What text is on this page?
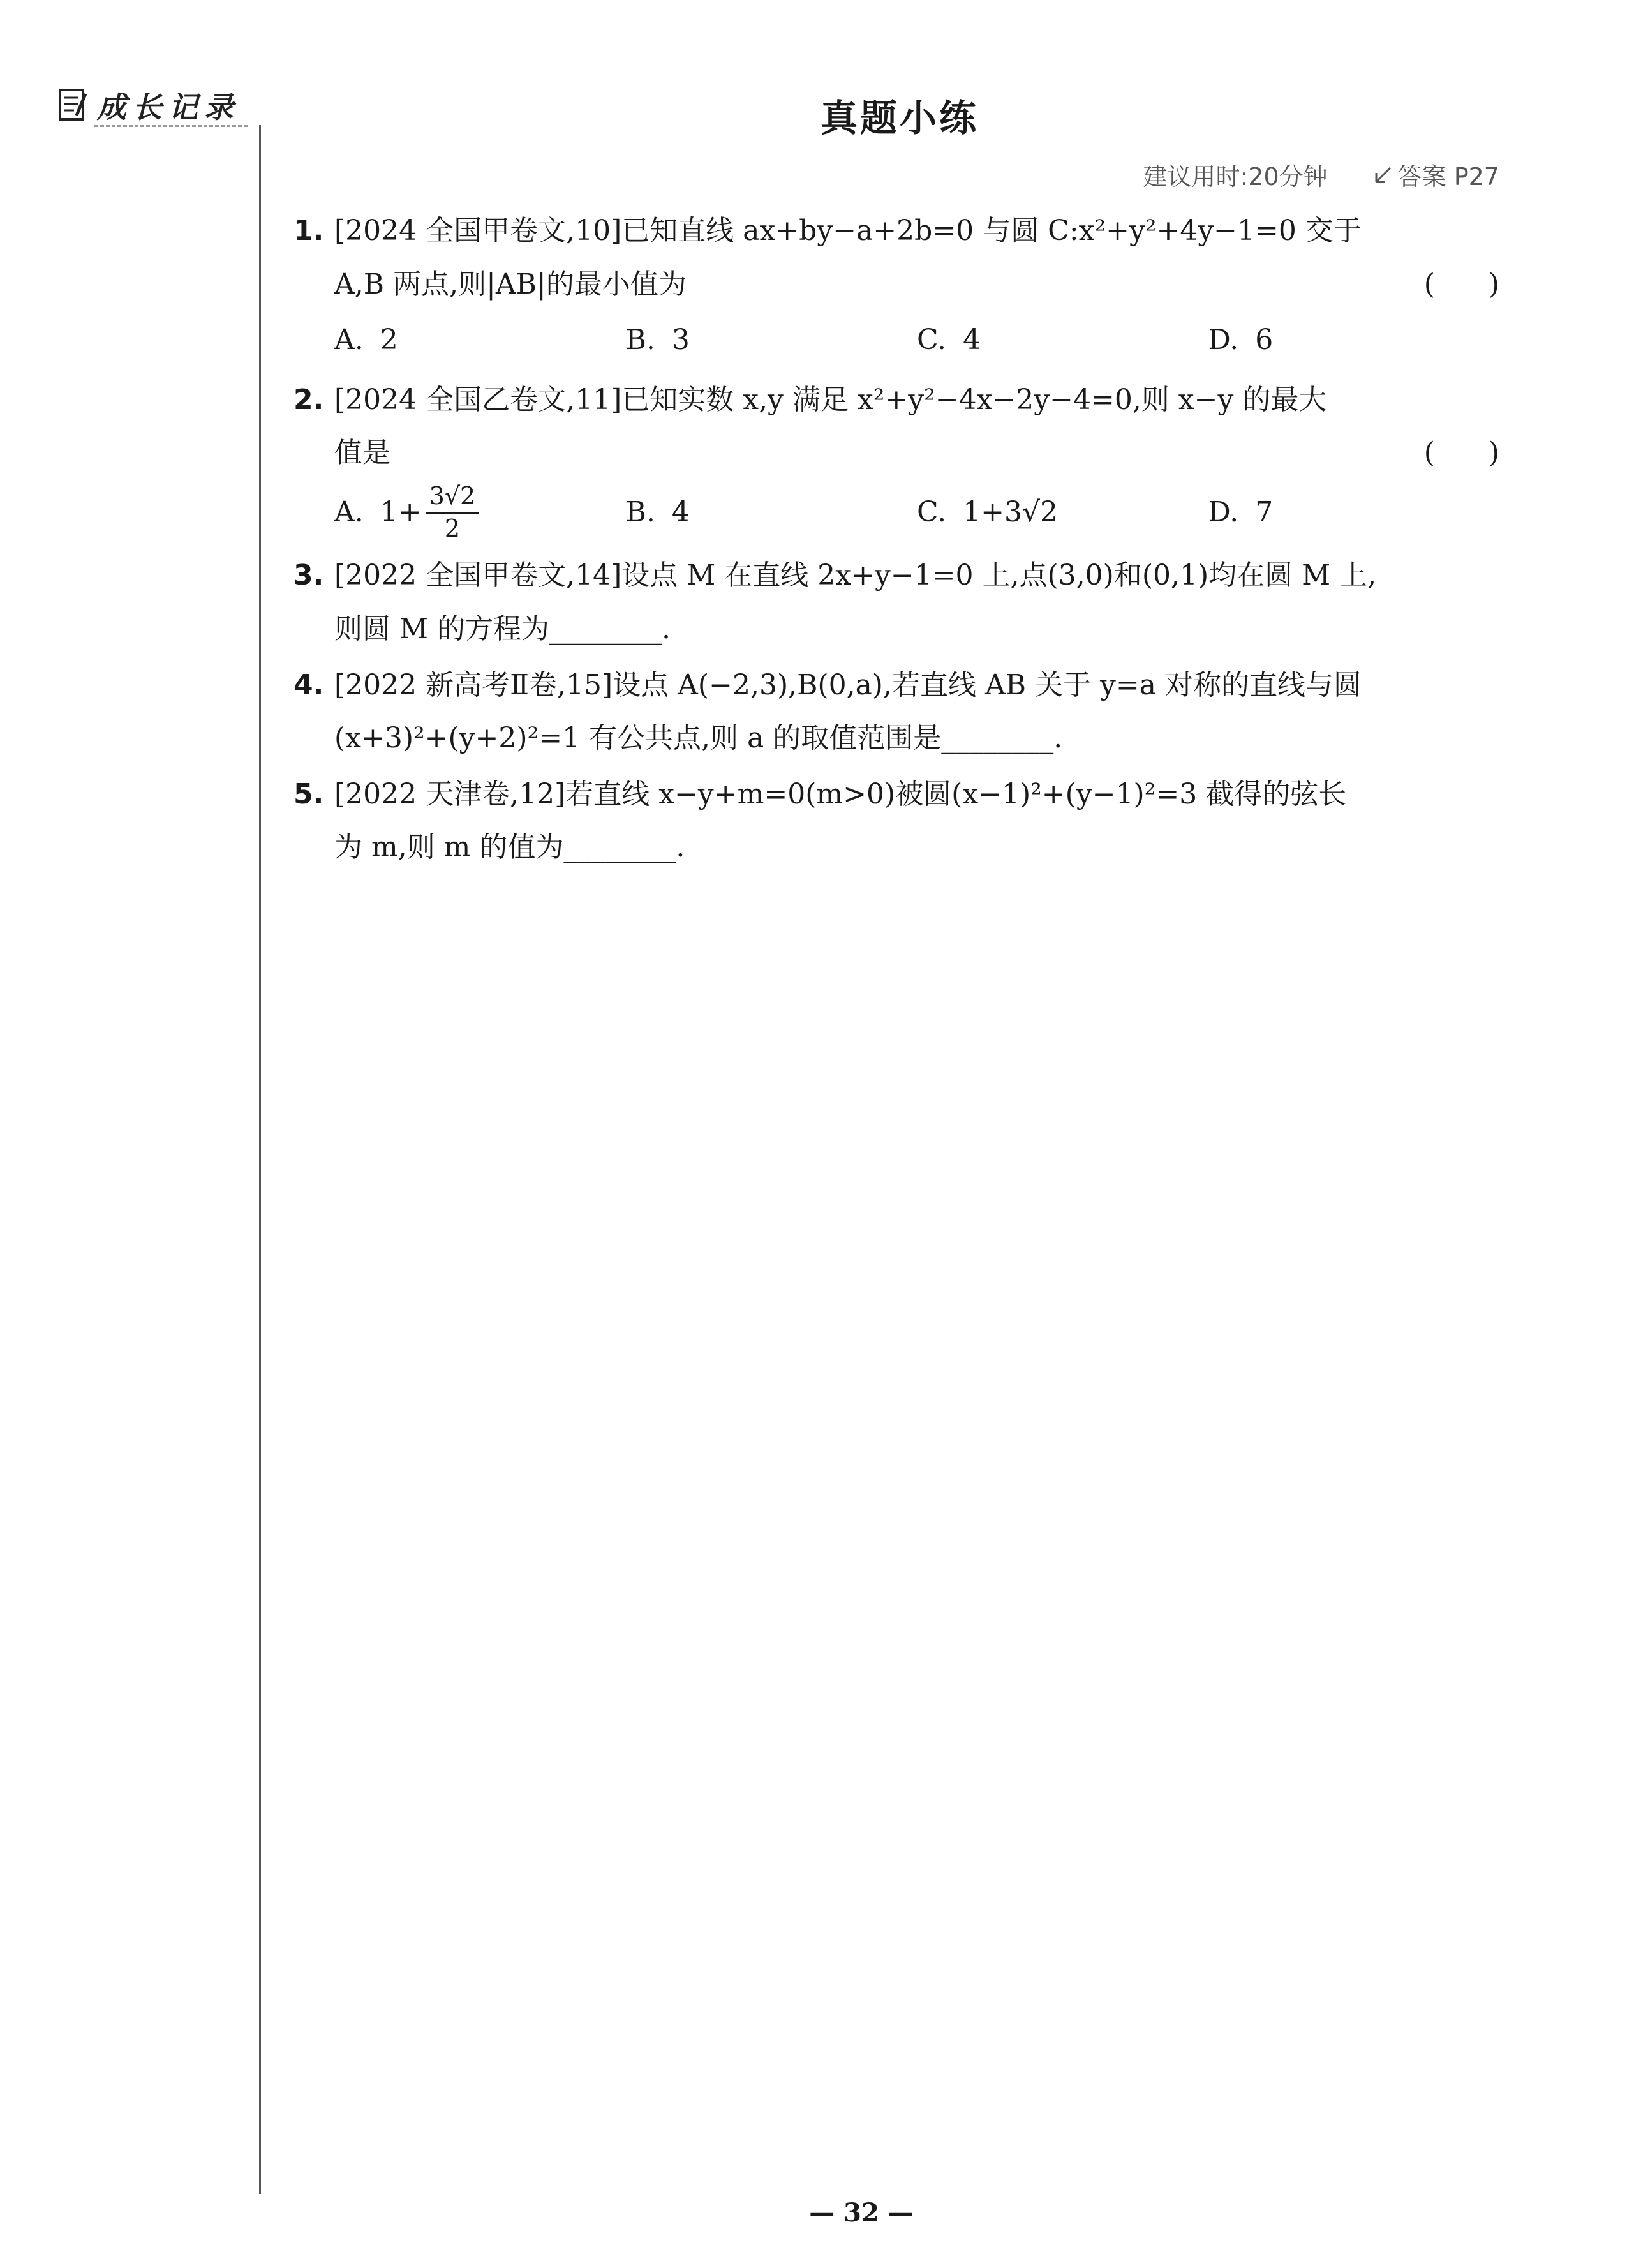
成长记录	真题小练
建议用时:20分钟	答案 P27
1. [2024 全国甲卷文,10]已知直线 ax+by−a+2b=0 与圆 C:x²+y²+4y−1=0 交于
A,B 两点,则|AB|的最小值为	(      )
A. 2	B. 3	C. 4	D. 6
2. [2024 全国乙卷文,11]已知实数 x,y 满足 x²+y²−4x−2y−4=0,则 x−y 的最大
值是	(      )
A. $1+ \frac{3√2}{2}$	B. 4	C. 1+3√2	D. 7
3. [2022 全国甲卷文,14]设点 M 在直线 2x+y−1=0 上,点(3,0)和(0,1)均在圆 M 上,
则圆 M 的方程为________.
4. [2022 新高考Ⅱ卷,15]设点 A(−2,3),B(0,a),若直线 AB 关于 y=a 对称的直线与圆
(x+3)²+(y+2)²=1 有公共点,则 a 的取值范围是________.
5. [2022 天津卷,12]若直线 x−y+m=0(m>0)被圆(x−1)²+(y−1)²=3 截得的弦长
为 m,则 m 的值为________.
— 32 —
